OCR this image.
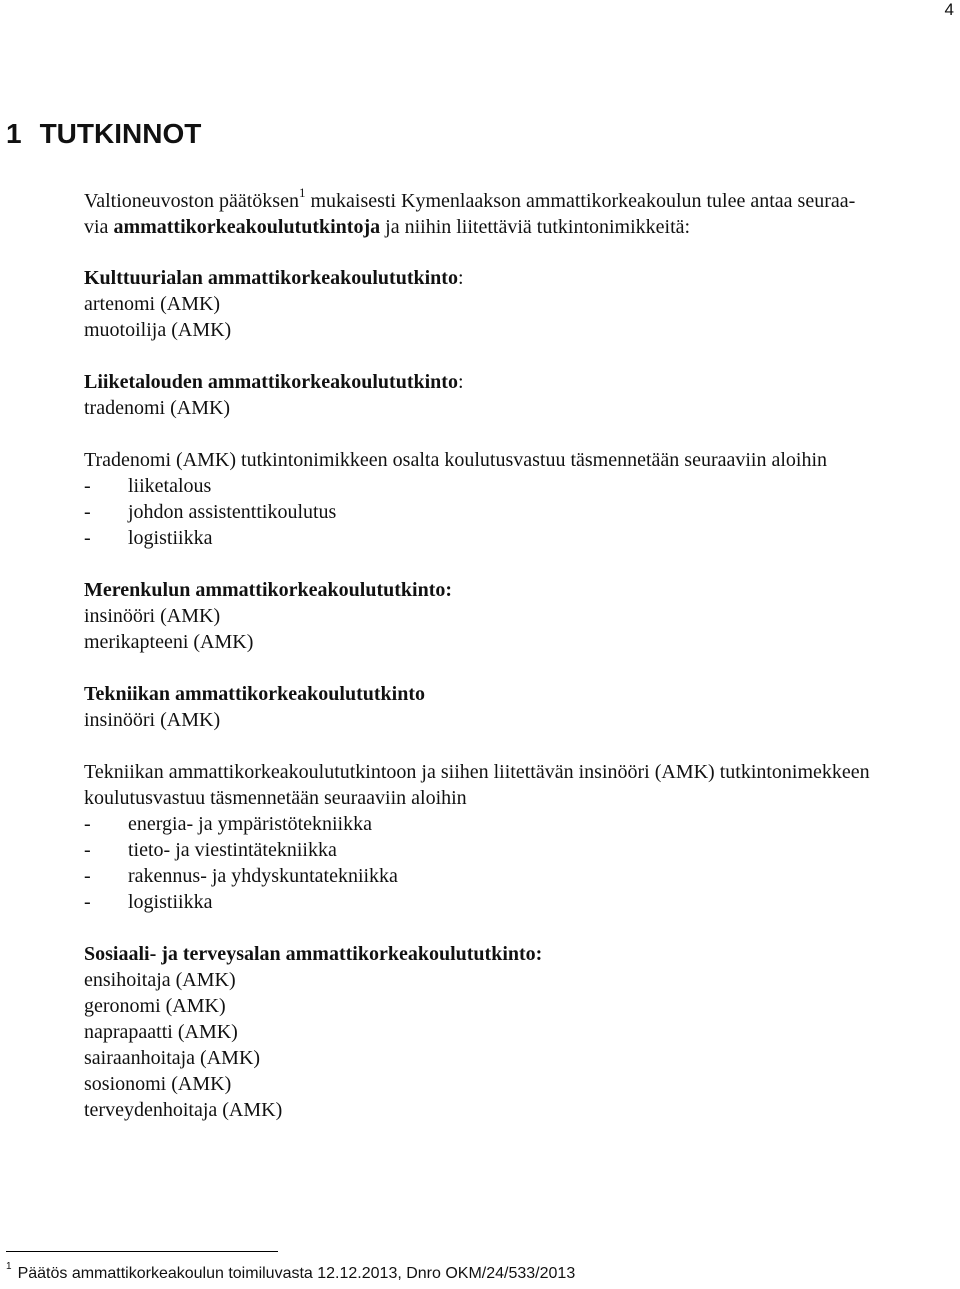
4
1 TUTKINNOT

Valtioneuvoston päätöksen$^1$ mukaisesti Kymenlaakson ammattikorkeakoulun tulee antaa seuraa-

via ammattikorkeakoulututkintoja ja niihin liitettäviä tutkintonimikkeitä:

Kulttuurialan ammattikorkeakoulututkinto:

artenomi (AMK)

muotoilija (AMK)

Liiketalouden ammattikorkeakoulututkinto:

tradenomi (AMK)

Tradenomi (AMK) tutkintonimikkeen osalta koulutusvastuu täsmennetään seuraaviin aloihin

- liiketalous

- johdon assistenttikoulutus

- logistiikka

Merenkulun ammattikorkeakoulututkinto:

insinööri (AMK)

merikapteeni (AMK)

Tekniikan ammattikorkeakoulututkinto

insinööri (AMK)

Tekniikan ammattikorkeakoulututkintoon ja siihen liitettävän insinööri (AMK) tutkintonimekkeen

koulutusvastuu täsmennetään seuraaviin aloihin

- energia- ja ympäristötekniikka

- tieto- ja viestintätekniikka

- rakennus- ja yhdyskuntatekniikka

- logistiikka

Sosiaali- ja terveysalan ammattikorkeakoulututkinto:

ensihoitaja (AMK)

geronomi (AMK)

naprapaatti (AMK)

sairaanhoitaja (AMK)

sosionomi (AMK)

terveydenhoitaja (AMK)

$^1$ Päätös ammattikorkeakoulun toimiluvasta 12.12.2013, Dnro OKM/24/533/2013
